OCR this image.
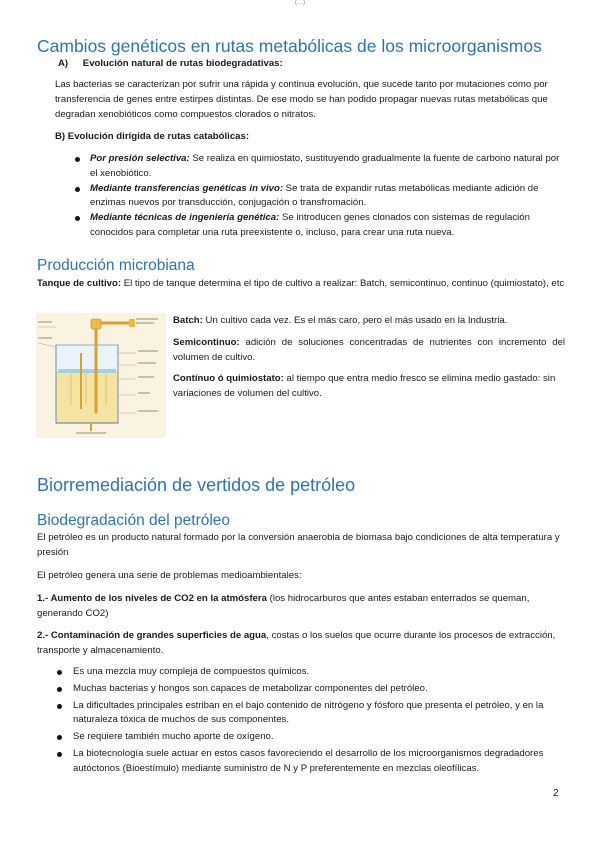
(…)
Cambios genéticos en rutas metabólicas de los microorganismos
A) Evolución natural de rutas biodegradativas:

Las bacterias se caracterizan por sufrir una rápida y continua evolución, que sucede tanto por mutaciones como por transferencia de genes entre estirpes distintas. De ese modo se han podido propagar nuevas rutas metabólicas que degradan xenobióticos como compuestos clorados o nitratos.

B) Evolución dirigida de rutas catabólicas:

Por presión selectiva: Se realiza en quimiostato, sustituyendo gradualmente la fuente de carbono natural por el xenobiótico.
Mediante transferencias genéticas in vivo: Se trata de expandir rutas metabólicas mediante adición de enzimas nuevos por transducción, conjugación o transfromación.
Mediante técnicas de ingeniería genética: Se introducen genes clonados con sistemas de regulación conocidos para completar una ruta preexistente o, incluso, para crear una ruta nueva.
Producción microbiana

Tanque de cultivo: El tipo de tanque determina el tipo de cultivo a realizar: Batch, semicontinuo, continuo (quimiostato), etc

Batch: Un cultivo cada vez. Es el más caro, pero el más usado en la Industria.

Semicontinuo: adición de soluciones concentradas de nutrientes con incremento del volumen de cultivo.

Contínuo ó quimiostato: al tiempo que entra medio fresco se elimina medio gastado: sin variaciones de volumen del cultivo.

Biorremediación de vertidos de petróleo
Biodegradación del petróleo

El petróleo es un producto natural formado por la conversión anaerobia de biomasa bajo condiciones de alta temperatura y presión

El petróleo genera una serie de problemas medioambientales:

1.- Aumento de los niveles de CO2 en la atmósfera (los hidrocarburos que antes estaban enterrados se queman, generando CO2)

2.- Contaminación de grandes superficies de agua, costas o los suelos que ocurre durante los procesos de extracción, transporte y almacenamiento.

Es una mezcla muy compleja de compuestos químicos.
Muchas bacterias y hongos son capaces de metabolizar componentes del petróleo.
La dificultades principales estriban en el bajo contenido de nitrógeno y fósforo que presenta el petróleo, y en la naturaleza tóxica de muchos de sus componentes.
Se requiere también mucho aporte de oxígeno.
La biotecnología suele actuar en estos casos favoreciendo el desarrollo de los microorganismos degradadores autóctonos (Bioestímulo) mediante suministro de N y P preferentemente en mezclas oleofílicas.
2
